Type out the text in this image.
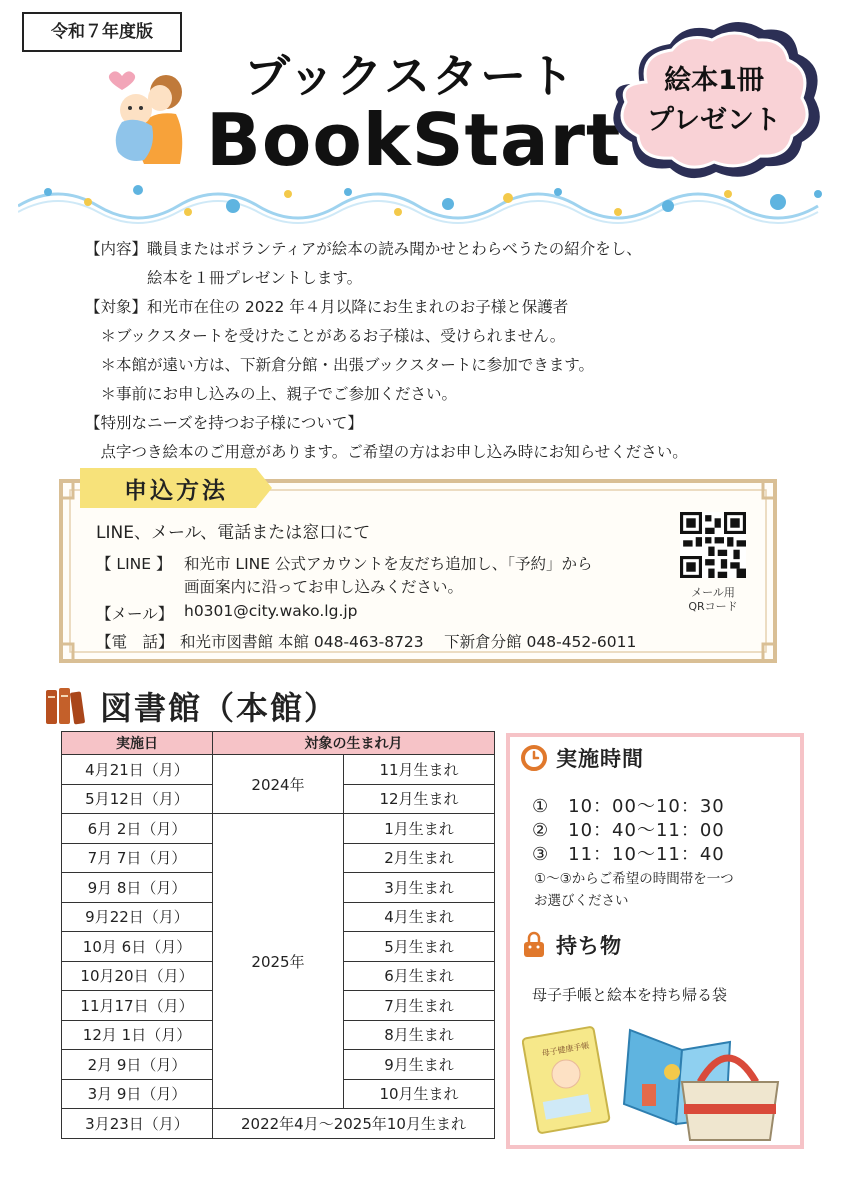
令和７年度版
ブックスタート
BookStart
絵本1冊
プレゼント
【内容】職員またはボランティアが絵本の読み聞かせとわらべうたの紹介をし、
　　　　絵本を１冊プレゼントします。
【対象】和光市在住の 2022 年４月以降にお生まれのお子様と保護者
　＊ブックスタートを受けたことがあるお子様は、受けられません。
　＊本館が遠い方は、下新倉分館・出張ブックスタートに参加できます。
　＊事前にお申し込みの上、親子でご参加ください。
【特別なニーズを持つお子様について】
　点字つき絵本のご用意があります。ご希望の方はお申し込み時にお知らせください。
申込方法
LINE、メール、電話または窓口にて
【 LINE 】 和光市 LINE 公式アカウントを友だち追加し、「予約」から
画面案内に沿ってお申し込みください。
【メール】 h0301@city.wako.lg.jp
【電　話】 和光市図書館 本館 048-463-8723　 下新倉分館 048-452-6011
メール用
QRコード
図書館（本館）
実施日	対象の生まれ月	
4月21日（月）	2024年	11月生まれ
5月12日（月）		12月生まれ
6月 2日（月）	2025年	1月生まれ
7月 7日（月）		2月生まれ
9月 8日（月）		3月生まれ
9月22日（月）		4月生まれ
10月 6日（月）		5月生まれ
10月20日（月）		6月生まれ
11月17日（月）		7月生まれ
12月 1日（月）		8月生まれ
2月 9日（月）		9月生まれ
3月 9日（月）		10月生まれ
3月23日（月）	2022年4月～2025年10月生まれ	
実施時間
①　10：00～10：30
②　10：40～11：00
③　11：10～11：40
①～③からご希望の時間帯を一つ
お選びください
持ち物
母子手帳と絵本を持ち帰る袋
母子健康手帳
